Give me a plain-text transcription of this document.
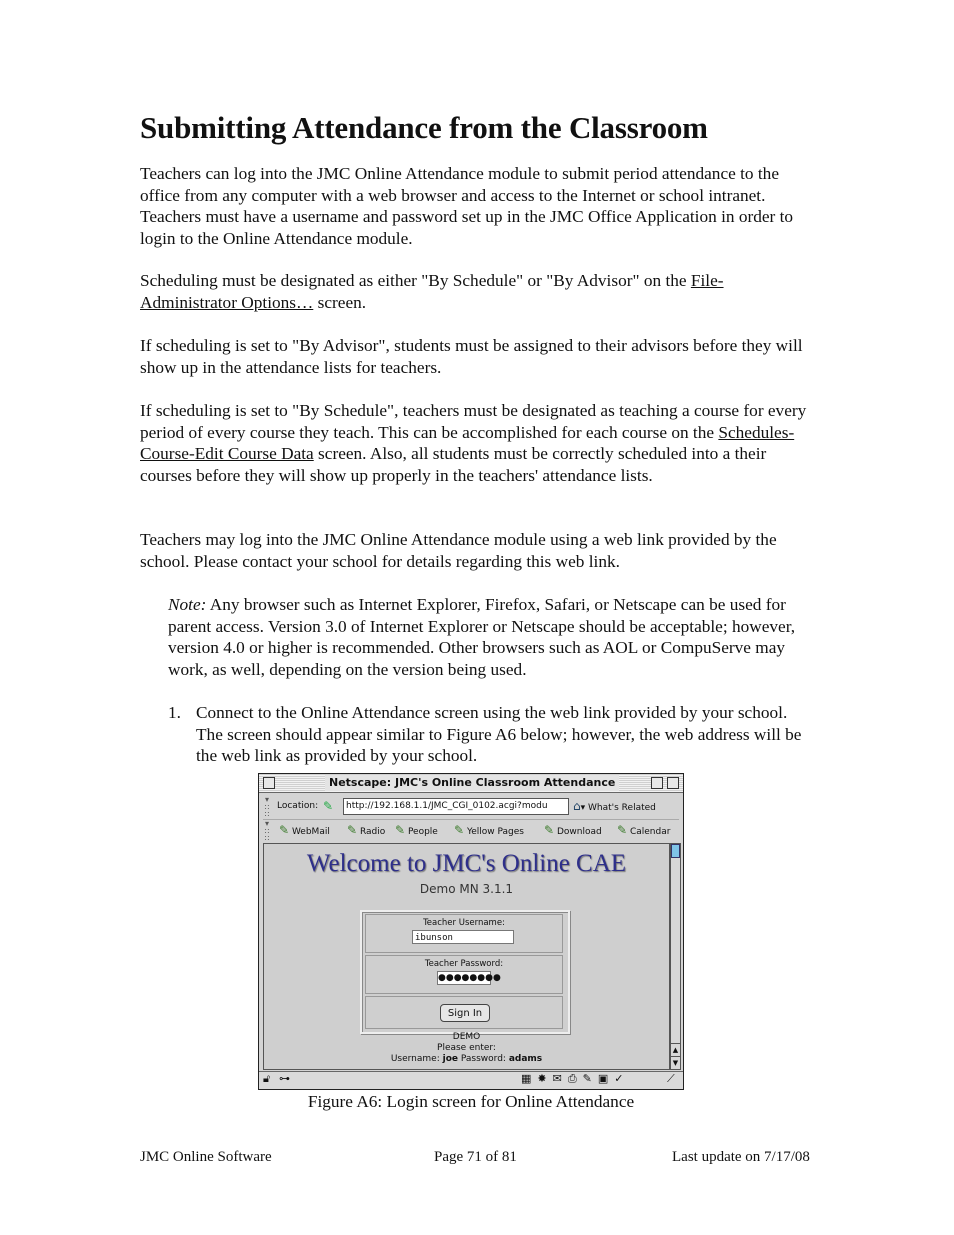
Submitting Attendance from the Classroom

Teachers can log into the JMC Online Attendance module to submit period attendance to the office from any computer with a web browser and access to the Internet or school intranet. Teachers must have a username and password set up in the JMC Office Application in order to login to the Online Attendance module.

Scheduling must be designated as either "By Schedule" or "By Advisor" on the File-Administrator Options… screen.

If scheduling is set to "By Advisor", students must be assigned to their advisors before they will show up in the attendance lists for teachers.

If scheduling is set to "By Schedule", teachers must be designated as teaching a course for every period of every course they teach. This can be accomplished for each course on the Schedules-Course-Edit Course Data screen. Also, all students must be correctly scheduled into a their courses before they will show up properly in the teachers' attendance lists.

Teachers may log into the JMC Online Attendance module using a web link provided by the school. Please contact your school for details regarding this web link.

Note: Any browser such as Internet Explorer, Firefox, Safari, or Netscape can be used for parent access. Version 3.0 of Internet Explorer or Netscape should be acceptable; however, version 4.0 or higher is recommended. Other browsers such as AOL or CompuServe may work, as well, depending on the version being used.

1. Connect to the Online Attendance screen using the web link provided by your school. The screen should appear similar to Figure A6 below; however, the web address will be the web link as provided by your school.

Netscape: JMC's Online Classroom Attendance
▾
::
::
Location: ✎	http://192.168.1.1/JMC_CGI_0102.acgi?modu	⌂▾ What's Related
▾
::
::
✎ WebMail ✎ Radio ✎ People ✎ Yellow Pages ✎ Download ✎ Calendar
Welcome to JMC's Online CAE
Demo MN 3.1.1
Teacher Username:
ibunson
Teacher Password:
●●●●●●●●
Sign In
DEMO
Please enter:
Username: joe Password: adams
▲
▼
🔓︎ ⊶	▦✸✉⎙✎▣✓	⟋
Figure A6: Login screen for Online Attendance
JMC Online Software	Page 71 of 81	Last update on 7/17/08
